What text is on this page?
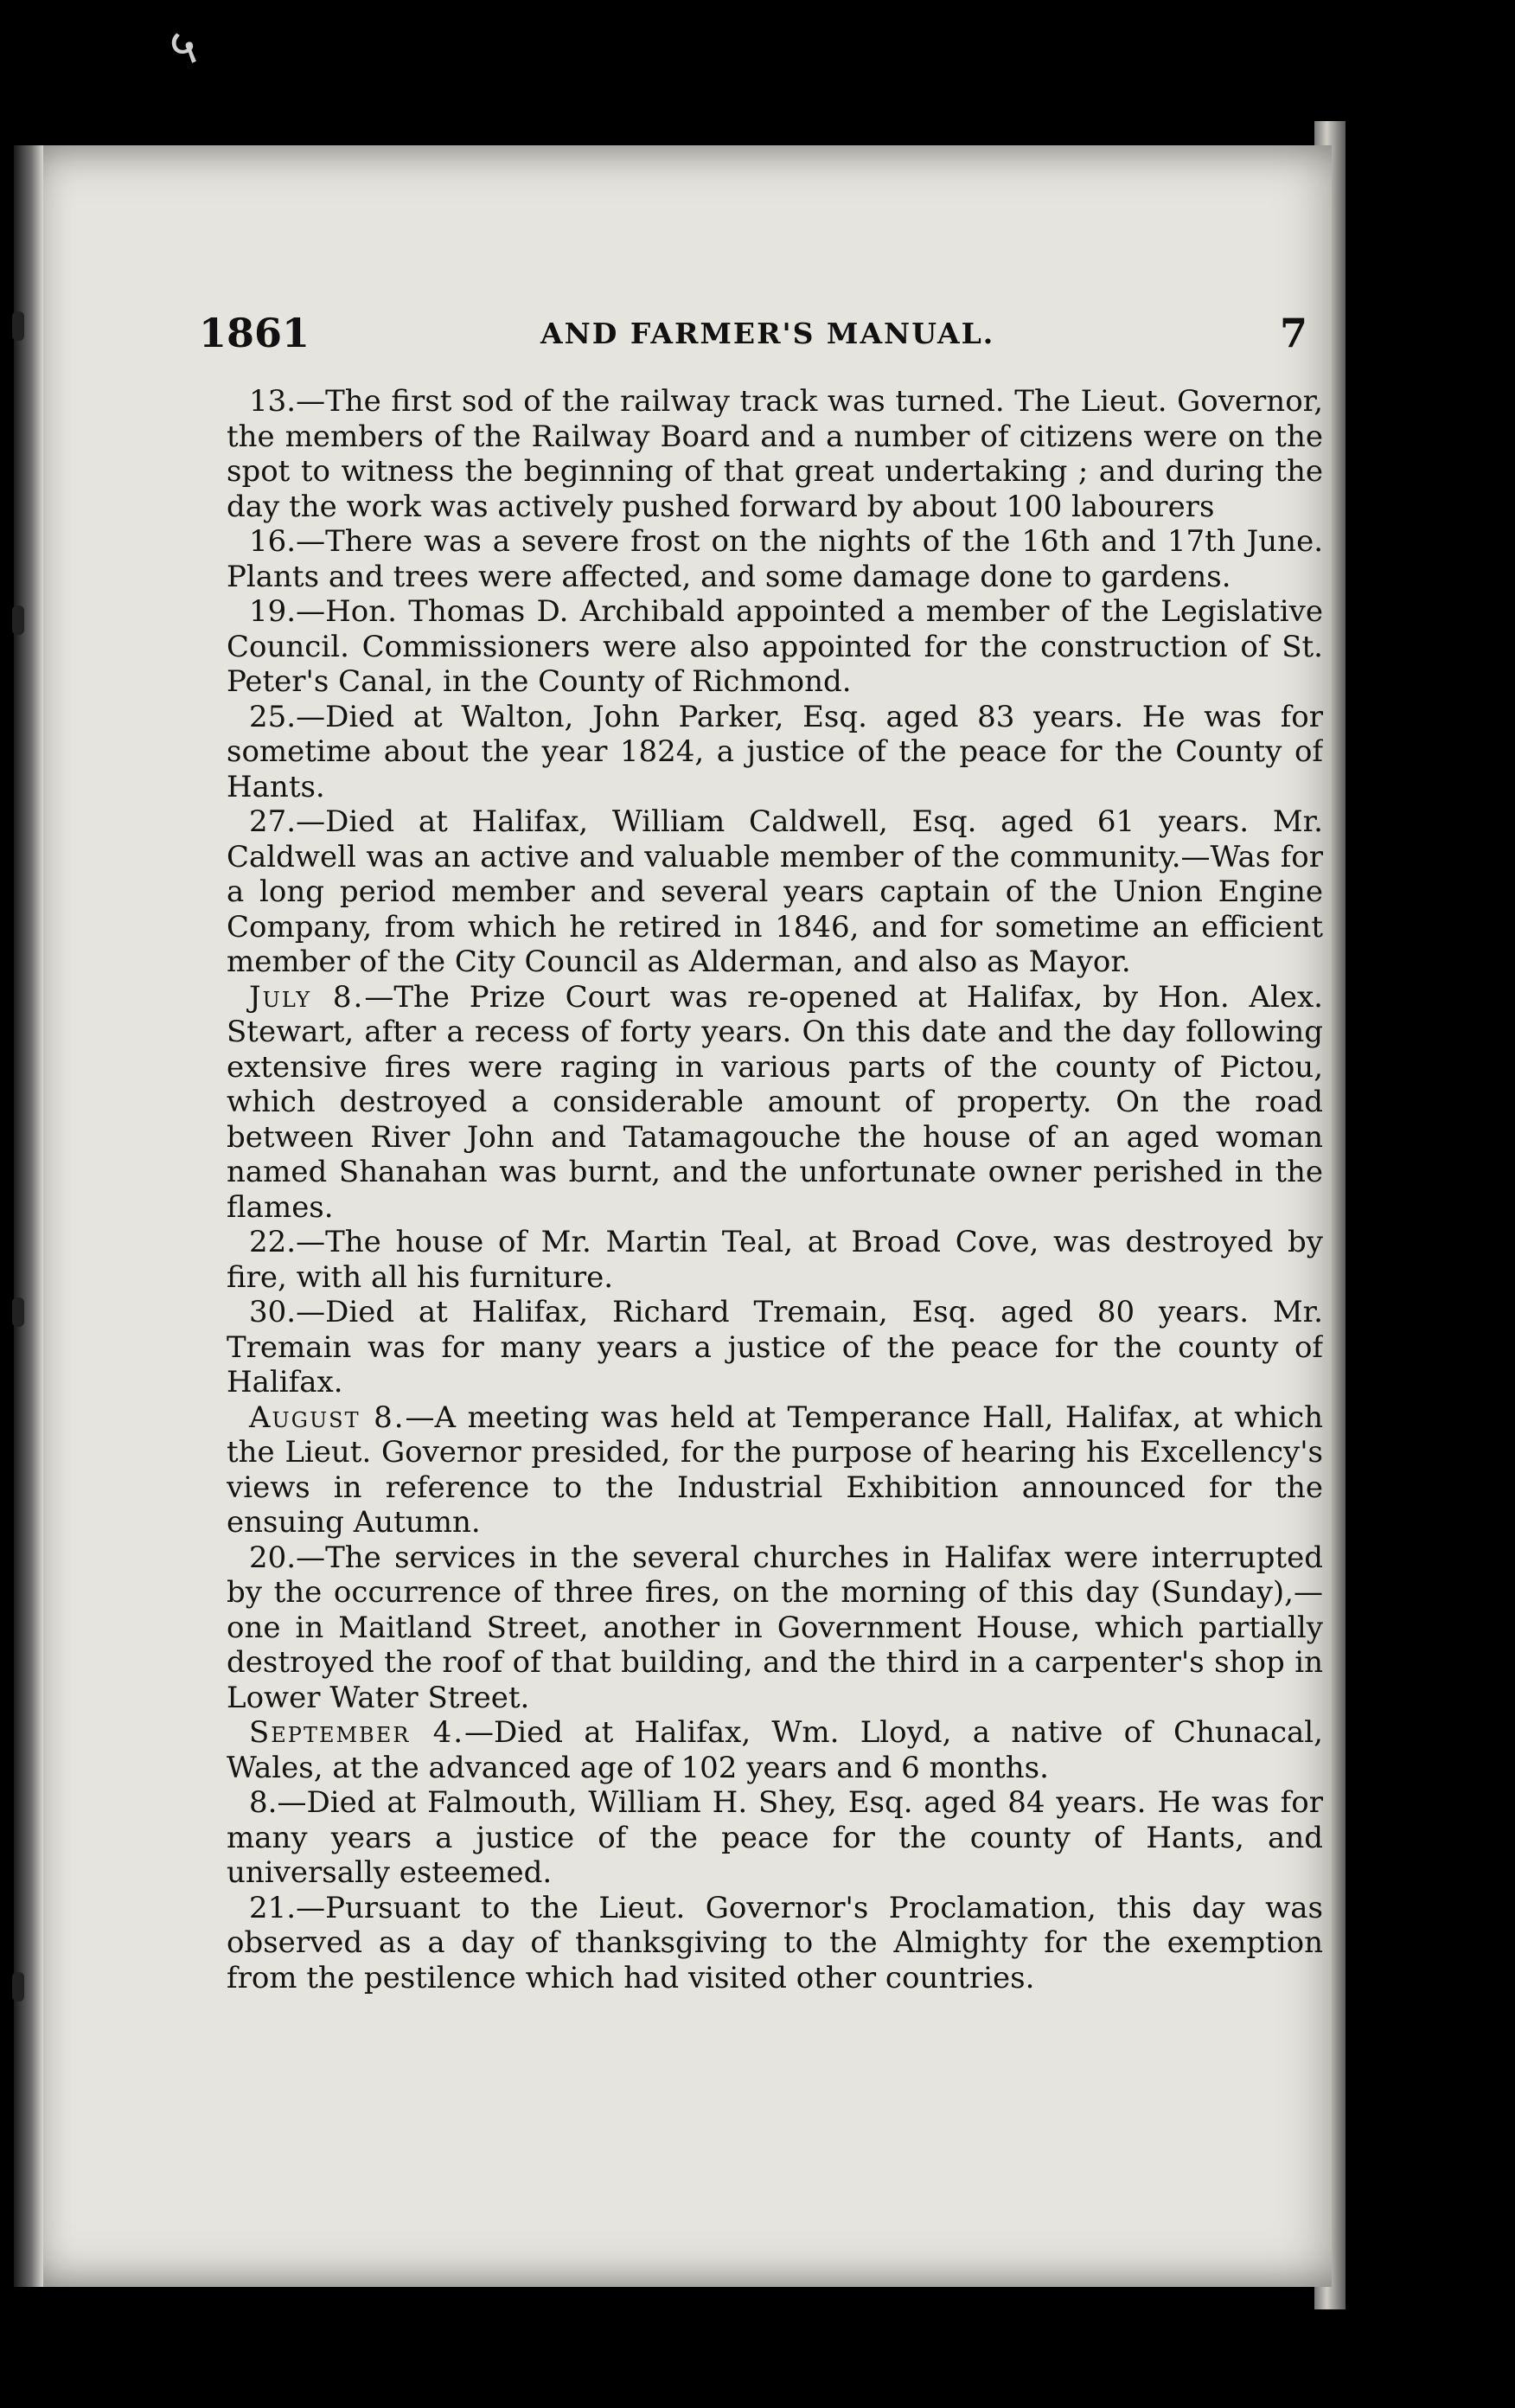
५
1861	AND FARMER'S MANUAL.	7

13.—The first sod of the railway track was turned. The Lieut. Governor, the members of the Railway Board and a number of citizens were on the spot to witness the beginning of that great undertaking ; and during the day the work was actively pushed forward by about 100 labourers

16.—There was a severe frost on the nights of the 16th and 17th June. Plants and trees were affected, and some damage done to gardens.

19.—Hon. Thomas D. Archibald appointed a member of the Legislative Council. Commissioners were also appointed for the construction of St. Peter's Canal, in the County of Richmond.

25.—Died at Walton, John Parker, Esq. aged 83 years. He was for sometime about the year 1824, a justice of the peace for the County of Hants.

27.—Died at Halifax, William Caldwell, Esq. aged 61 years. Mr. Caldwell was an active and valuable member of the community.—Was for a long period member and several years captain of the Union Engine Company, from which he retired in 1846, and for sometime an efficient member of the City Council as Alderman, and also as Mayor.

July 8.—The Prize Court was re-opened at Halifax, by Hon. Alex. Stewart, after a recess of forty years. On this date and the day following extensive fires were raging in various parts of the county of Pictou, which destroyed a considerable amount of property. On the road between River John and Tatamagouche the house of an aged woman named Shanahan was burnt, and the unfortunate owner perished in the flames.

22.—The house of Mr. Martin Teal, at Broad Cove, was destroyed by fire, with all his furniture.

30.—Died at Halifax, Richard Tremain, Esq. aged 80 years. Mr. Tremain was for many years a justice of the peace for the county of Halifax.

August 8.—A meeting was held at Temperance Hall, Halifax, at which the Lieut. Governor presided, for the purpose of hearing his Excellency's views in reference to the Industrial Exhibition announced for the ensuing Autumn.

20.—The services in the several churches in Halifax were interrupted by the occurrence of three fires, on the morning of this day (Sunday),—one in Maitland Street, another in Government House, which partially destroyed the roof of that building, and the third in a carpenter's shop in Lower Water Street.

September 4.—Died at Halifax, Wm. Lloyd, a native of Chunacal, Wales, at the advanced age of 102 years and 6 months.

8.—Died at Falmouth, William H. Shey, Esq. aged 84 years. He was for many years a justice of the peace for the county of Hants, and universally esteemed.

21.—Pursuant to the Lieut. Governor's Proclamation, this day was observed as a day of thanksgiving to the Almighty for the exemption from the pestilence which had visited other countries.
